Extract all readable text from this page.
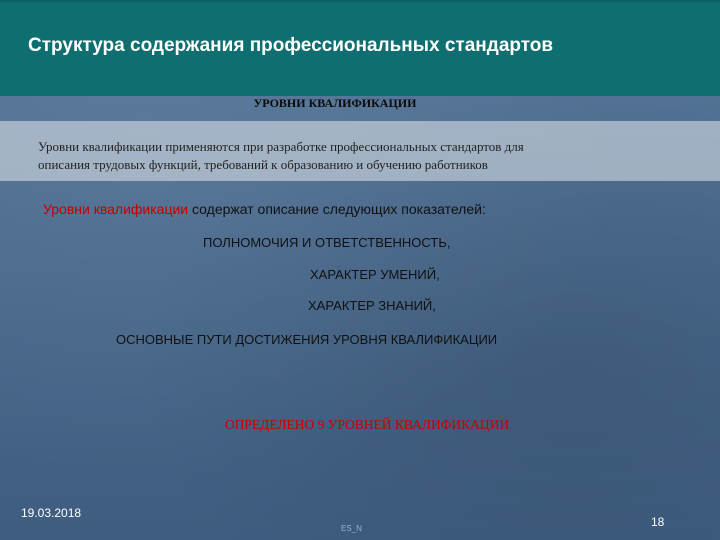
Структура содержания профессиональных стандартов
УРОВНИ КВАЛИФИКАЦИИ
Уровни квалификации применяются при разработке профессиональных стандартов для
описания трудовых функций, требований к образованию и обучению работников
Уровни квалификации содержат описание следующих показателей:
ПОЛНОМОЧИЯ И ОТВЕТСТВЕННОСТЬ,
ХАРАКТЕР УМЕНИЙ,
ХАРАКТЕР ЗНАНИЙ,
ОСНОВНЫЕ ПУТИ ДОСТИЖЕНИЯ УРОВНЯ КВАЛИФИКАЦИИ
ОПРЕДЕЛЕНО 9 УРОВНЕЙ КВАЛИФИКАЦИИ
19.03.2018
ES_N	18
